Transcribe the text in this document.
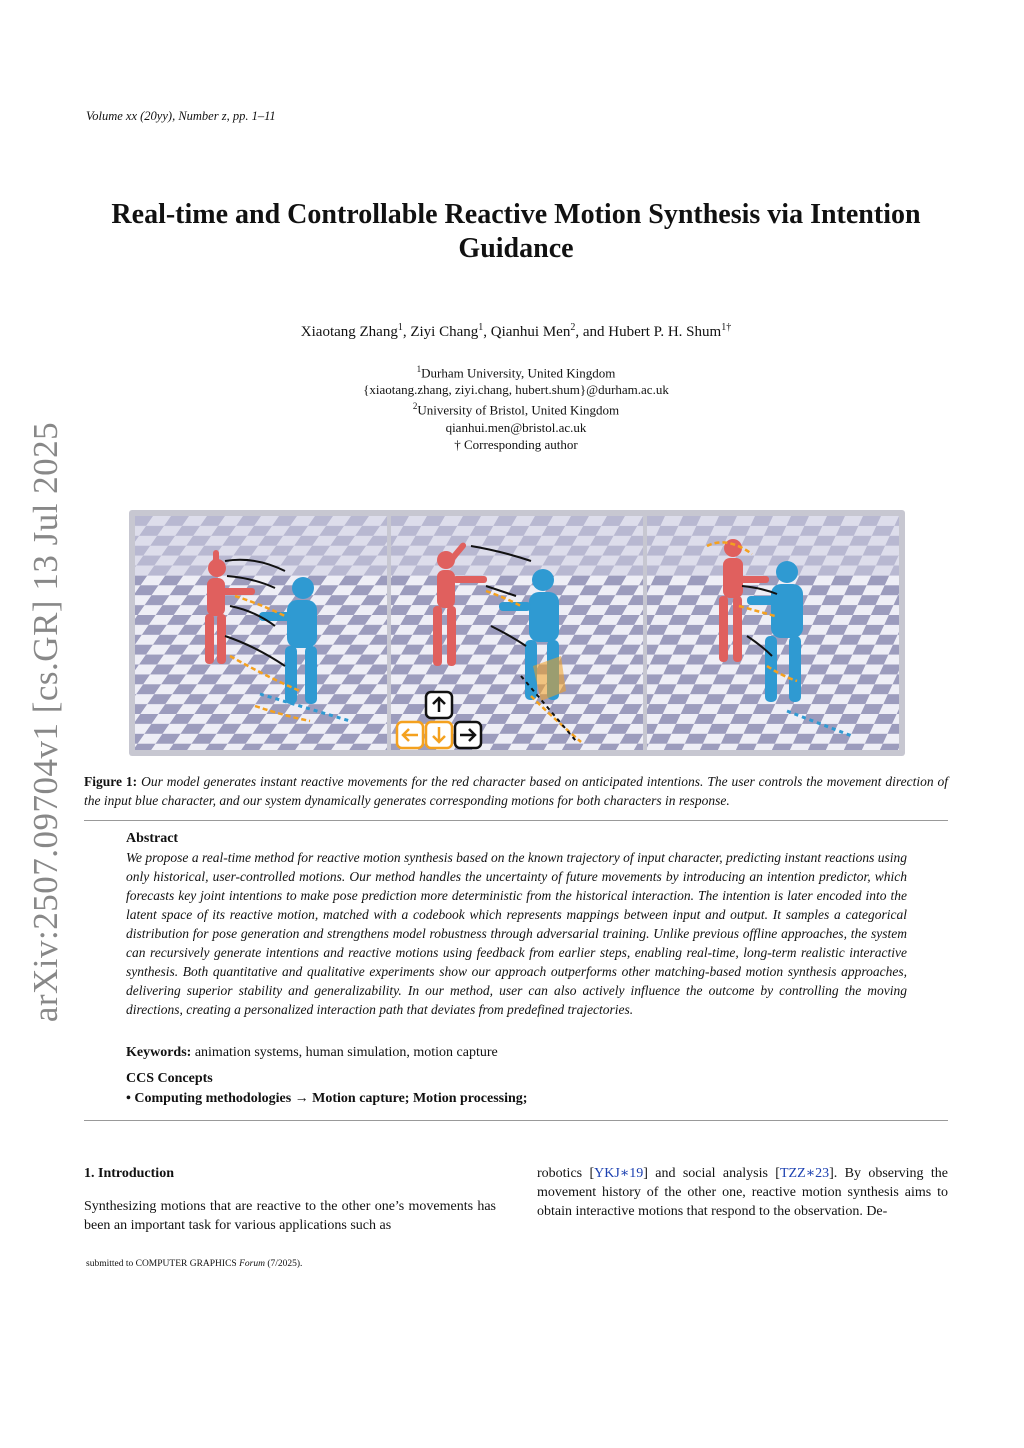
Volume xx (20yy), Number z, pp. 1–11
Real-time and Controllable Reactive Motion Synthesis via Intention Guidance
Xiaotang Zhang$^1$, Ziyi Chang$^1$, Qianhui Men$^2$, and Hubert P. H. Shum$^{1\dagger}$
$^1$Durham University, United Kingdom
{xiaotang.zhang, ziyi.chang, hubert.shum}@durham.ac.uk
$^2$University of Bristol, United Kingdom
qianhui.men@bristol.ac.uk
† Corresponding author
arXiv:2507.09704v1 [cs.GR] 13 Jul 2025 Figure 1: Our model generates instant reactive movements for the red character based on anticipated intentions. The user controls the movement direction of the input blue character, and our system dynamically generates corresponding motions for both characters in response.
Abstract
We propose a real-time method for reactive motion synthesis based on the known trajectory of input character, predicting instant reactions using only historical, user-controlled motions. Our method handles the uncertainty of future movements by introducing an intention predictor, which forecasts key joint intentions to make pose prediction more deterministic from the historical interaction. The intention is later encoded into the latent space of its reactive motion, matched with a codebook which represents mappings between input and output. It samples a categorical distribution for pose generation and strengthens model robustness through adversarial training. Unlike previous offline approaches, the system can recursively generate intentions and reactive motions using feedback from earlier steps, enabling real-time, long-term realistic interactive synthesis. Both quantitative and qualitative experiments show our approach outperforms other matching-based motion synthesis approaches, delivering superior stability and generalizability. In our method, user can also actively influence the outcome by controlling the moving directions, creating a personalized interaction path that deviates from predefined trajectories.
Keywords: animation systems, human simulation, motion capture
CCS Concepts
• Computing methodologies → Motion capture; Motion processing;
1. Introduction

Synthesizing motions that are reactive to the other one’s movements has been an important task for various applications such as

robotics [YKJ∗19] and social analysis [TZZ∗23]. By observing the movement history of the other one, reactive motion synthesis aims to obtain interactive motions that respond to the observation. De-
submitted to COMPUTER GRAPHICS Forum (7/2025).
